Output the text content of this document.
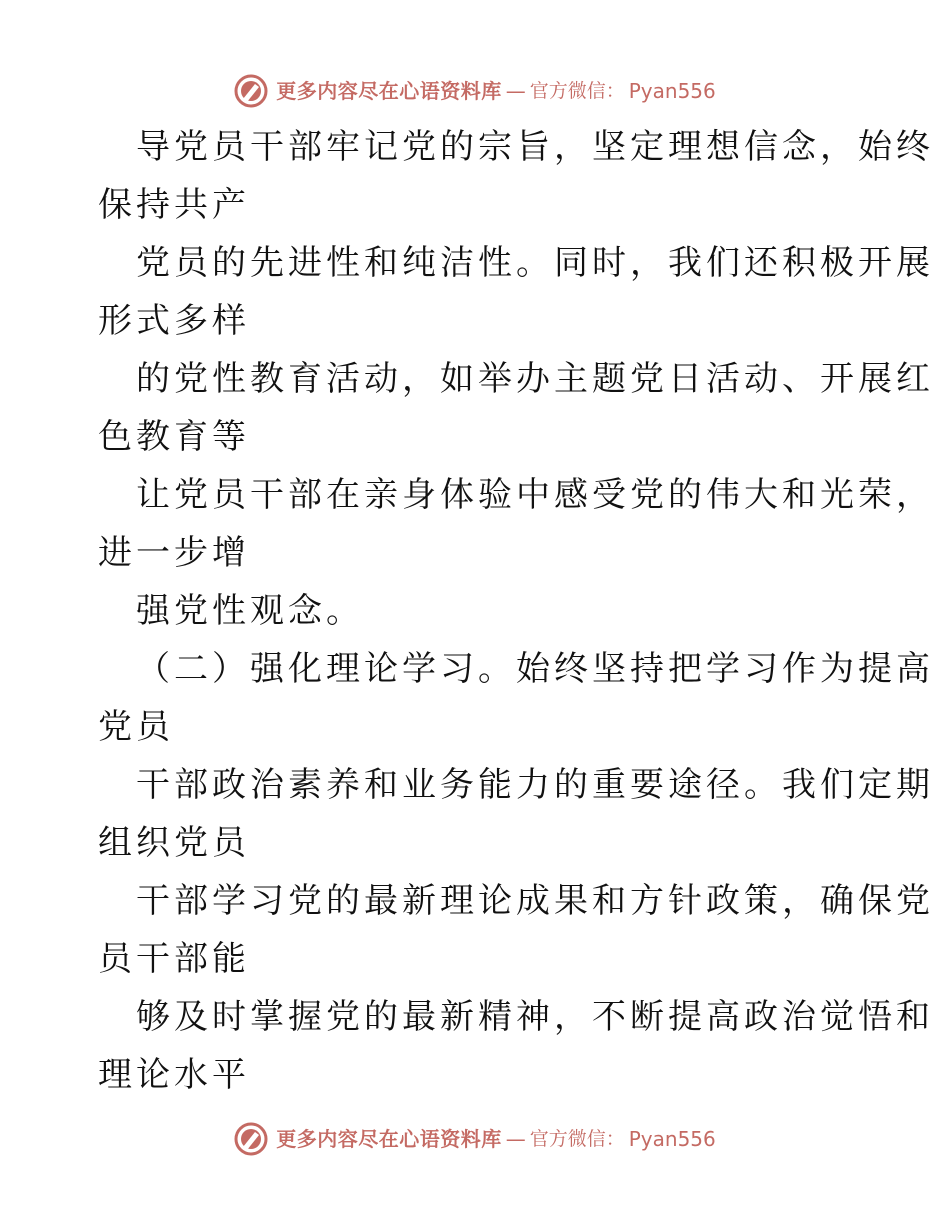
更多内容尽在心语资料库 — 官方微信： Pyan556

导党员干部牢记党的宗旨，坚定理想信念，始终

保持共产

党员的先进性和纯洁性。同时，我们还积极开展

形式多样

的党性教育活动，如举办主题党日活动、开展红

色教育等

让党员干部在亲身体验中感受党的伟大和光荣，

进一步增

强党性观念。

（二）强化理论学习。始终坚持把学习作为提高

党员

干部政治素养和业务能力的重要途径。我们定期

组织党员

干部学习党的最新理论成果和方针政策，确保党

员干部能

够及时掌握党的最新精神，不断提高政治觉悟和

理论水平

更多内容尽在心语资料库 — 官方微信： Pyan556
